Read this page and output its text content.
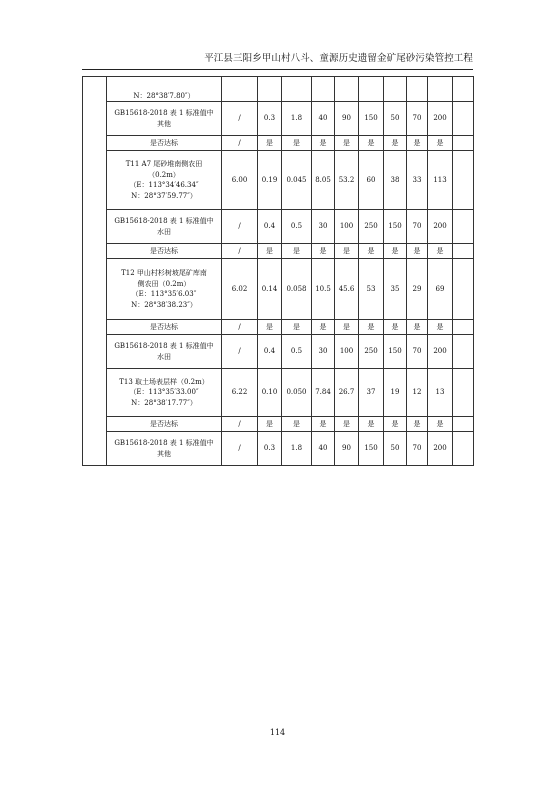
平江县三阳乡甲山村八斗、童源历史遗留金矿尾砂污染管控工程

	N：28°38′7.80″）										

	GB15618-2018 表 1 标准值中
其他	/	0.3	1.8	40	90	150	50	70	200	

	是否达标	/	是	是	是	是	是	是	是	是	

	T11 A7 尾砂堆南侧农田
（0.2m）
（E：113°34′46.34″
N：28°37′59.77″）	6.00	0.19	0.045	8.05	53.2	60	38	33	113	

	GB15618-2018 表 1 标准值中
水田	/	0.4	0.5	30	100	250	150	70	200	

	是否达标	/	是	是	是	是	是	是	是	是	

	T12 甲山村杉树坡尾矿库南
侧农田（0.2m）
（E：113°35′6.03″
N：28°38′38.23″）	6.02	0.14	0.058	10.5	45.6	53	35	29	69	

	是否达标	/	是	是	是	是	是	是	是	是	

	GB15618-2018 表 1 标准值中
水田	/	0.4	0.5	30	100	250	150	70	200	

	T13 取土场表层样（0.2m）
（E：113°35′33.00″
N：28°38′17.77″）	6.22	0.10	0.050	7.84	26.7	37	19	12	13	

	是否达标	/	是	是	是	是	是	是	是	是	

	GB15618-2018 表 1 标准值中
其他	/	0.3	1.8	40	90	150	50	70	200	
114
